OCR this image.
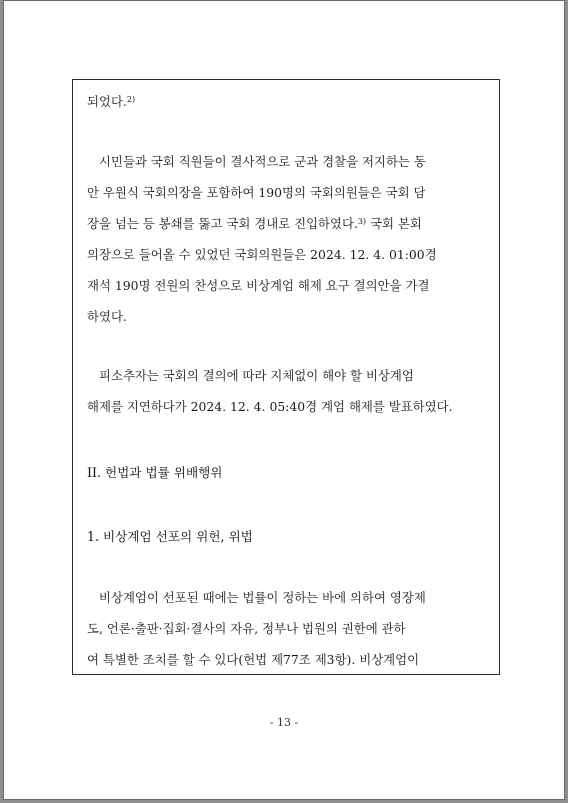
되었다.$^{2)}$
시민들과 국회 직원들이 결사적으로 군과 경찰을 저지하는 동
안 우원식 국회의장을 포함하여 190명의 국회의원들은 국회 담
장을 넘는 등 봉쇄를 뚫고 국회 경내로 진입하였다.$^{3)}$ 국회 본회
의장으로 들어올 수 있었던 국회의원들은 2024. 12. 4. 01:00경
재석 190명 전원의 찬성으로 비상계엄 해제 요구 결의안을 가결
하였다.
피소추자는 국회의 결의에 따라 지체없이 해야 할 비상계엄
해제를 지연하다가 2024. 12. 4. 05:40경 계엄 해제를 발표하였다.
II. 헌법과 법률 위배행위
1. 비상계엄 선포의 위헌, 위법
비상계엄이 선포된 때에는 법률이 정하는 바에 의하여 영장제
도, 언론·출판·집회·결사의 자유, 정부나 법원의 권한에 관하
여 특별한 조치를 할 수 있다(헌법 제77조 제3항). 비상계엄이
- 13 -
